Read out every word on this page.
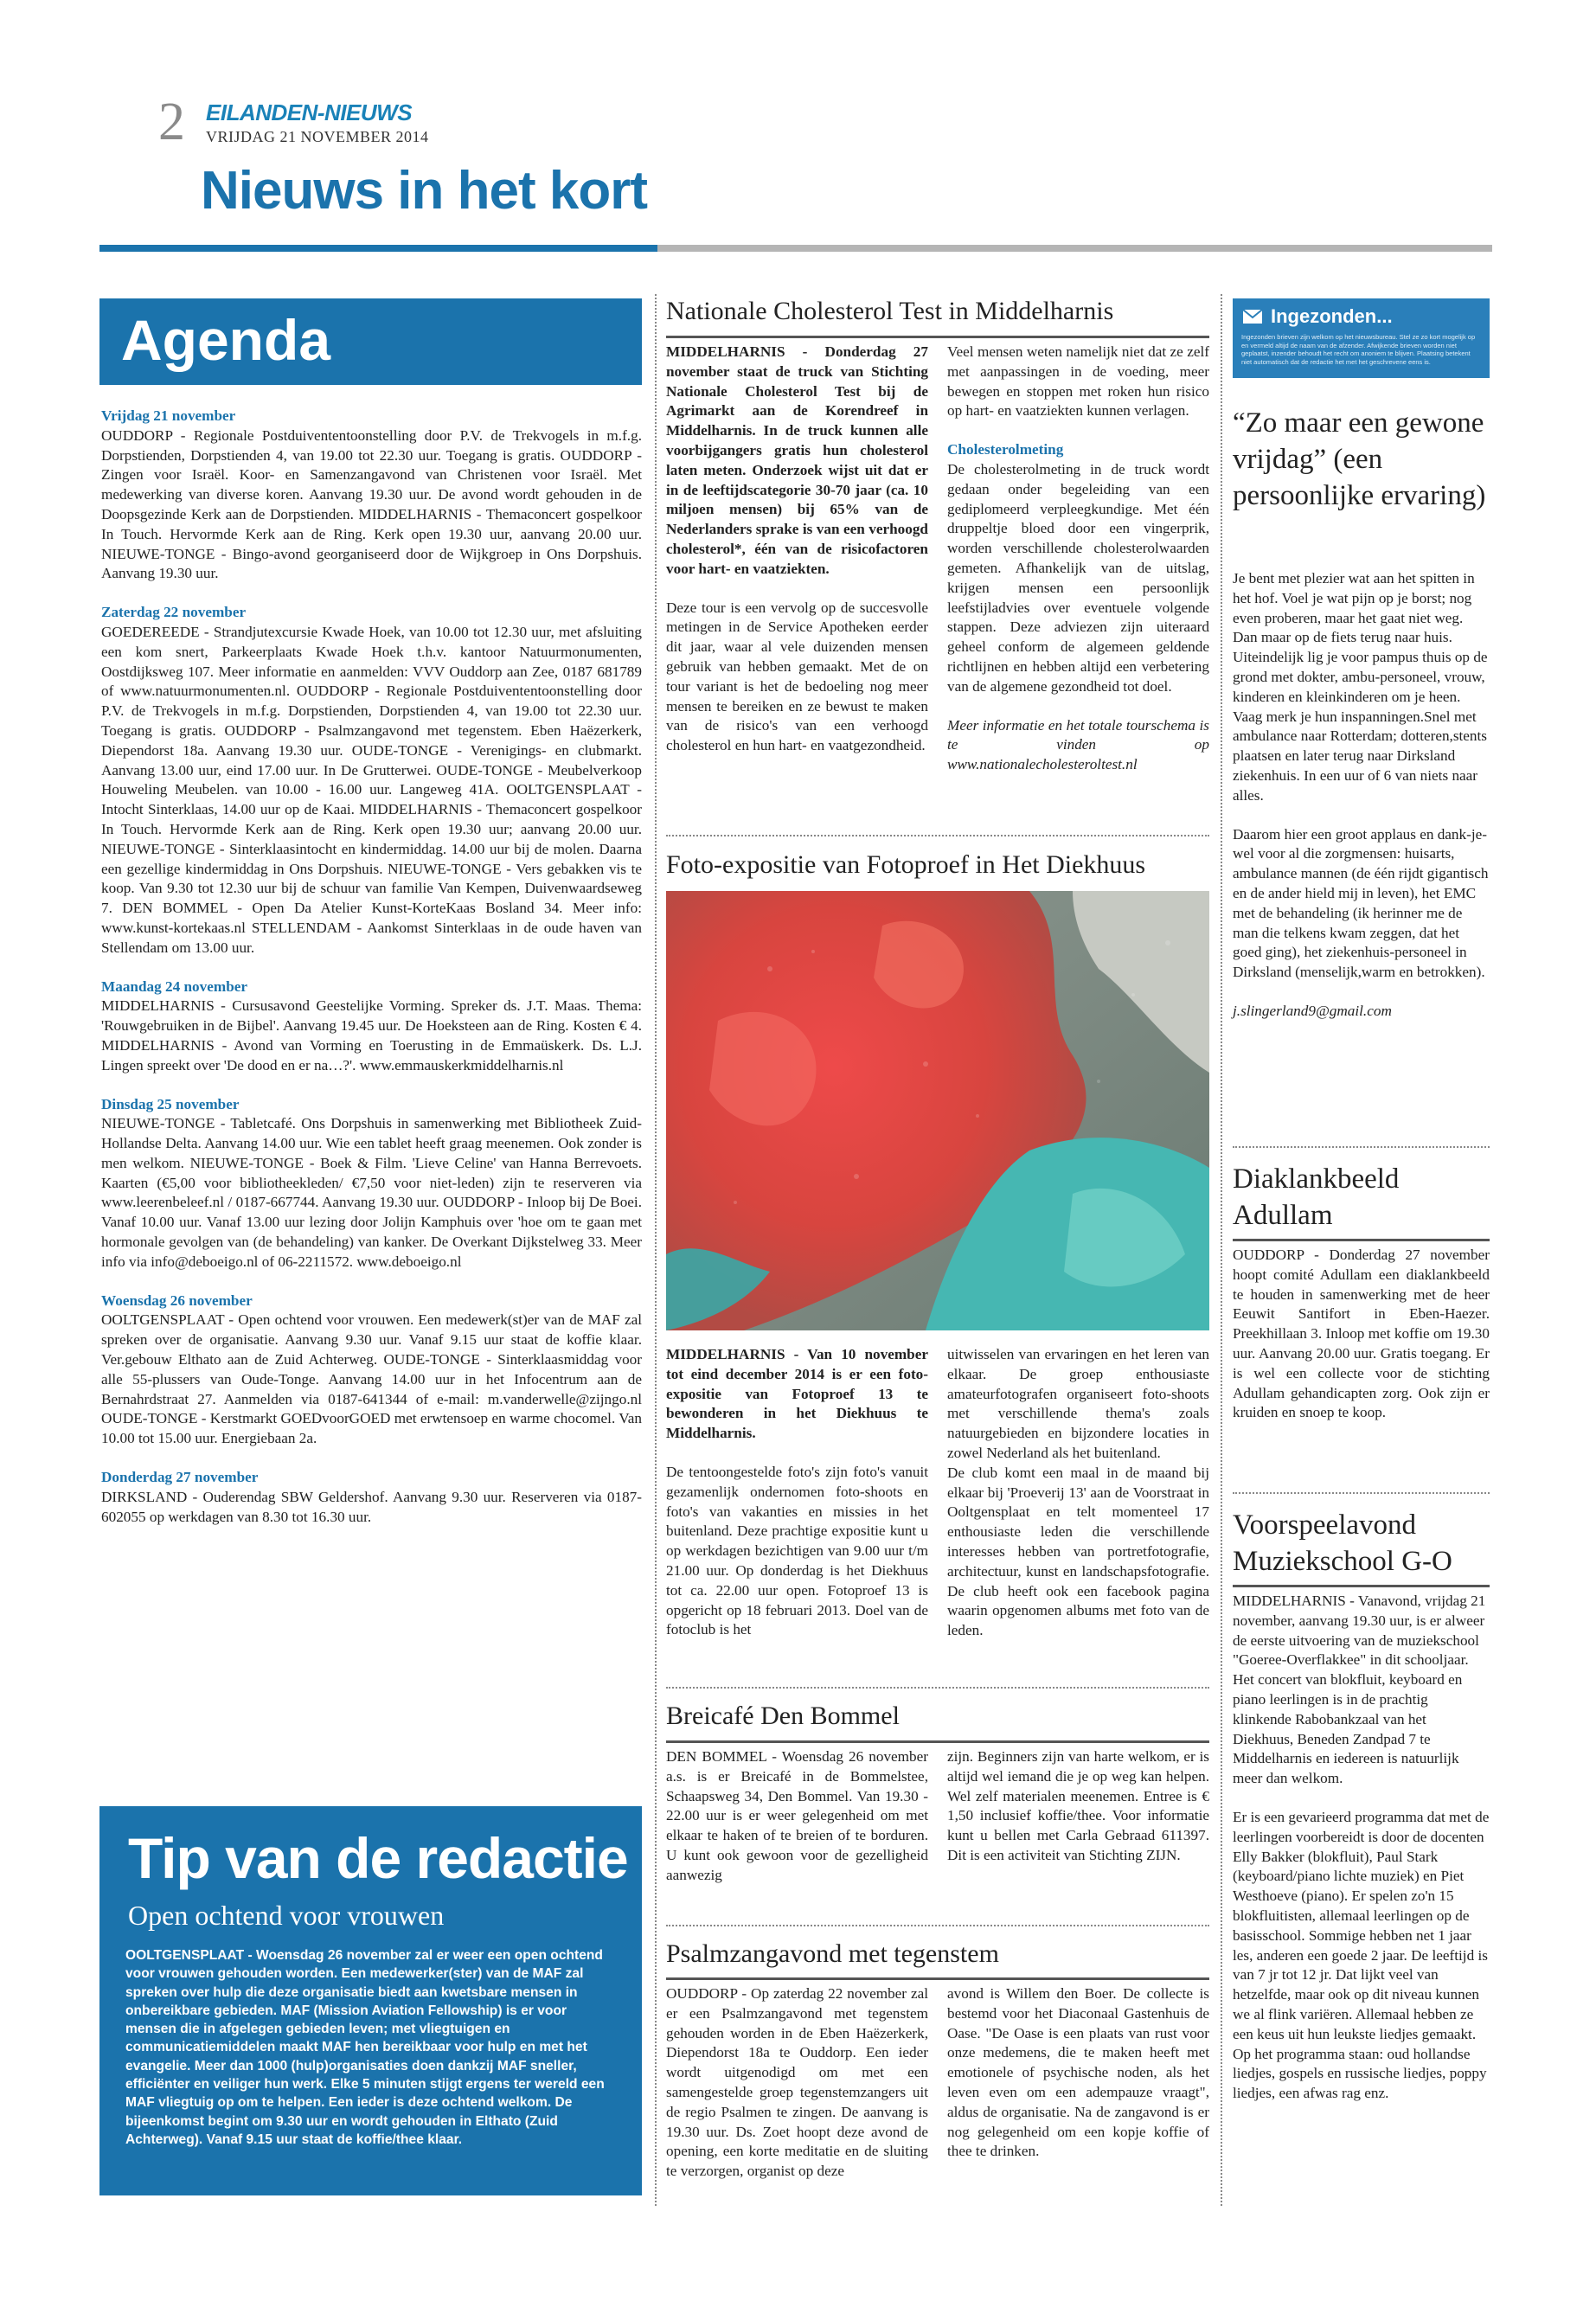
2 EILANDEN-NIEUWS
VRIJDAG 21 NOVEMBER 2014
Nieuws in het kort
Agenda

Vrijdag 21 november

OUDDORP - Regionale Postduivententoonstelling door P.V. de Trekvogels in m.f.g. Dorpstienden, Dorpstienden 4, van 19.00 tot 22.30 uur. Toegang is gratis. OUDDORP - Zingen voor Israël. Koor- en Samenzangavond van Christenen voor Israël. Met medewerking van diverse koren. Aanvang 19.30 uur. De avond wordt gehouden in de Doopsgezinde Kerk aan de Dorpstienden. MIDDELHARNIS - Themaconcert gospelkoor In Touch. Hervormde Kerk aan de Ring. Kerk open 19.30 uur, aanvang 20.00 uur. NIEUWE-TONGE - Bingo-avond georganiseerd door de Wijkgroep in Ons Dorpshuis. Aanvang 19.30 uur.

Zaterdag 22 november

GOEDEREEDE - Strandjutexcursie Kwade Hoek, van 10.00 tot 12.30 uur, met afsluiting een kom snert, Parkeerplaats Kwade Hoek t.h.v. kantoor Natuurmonumenten, Oostdijksweg 107. Meer informatie en aanmelden: VVV Ouddorp aan Zee, 0187 681789 of www.natuurmonumenten.nl. OUDDORP - Regionale Postduivententoonstelling door P.V. de Trekvogels in m.f.g. Dorpstienden, Dorpstienden 4, van 19.00 tot 22.30 uur. Toegang is gratis. OUDDORP - Psalmzangavond met tegenstem. Eben Haëzerkerk, Diependorst 18a. Aanvang 19.30 uur. OUDE-TONGE - Verenigings- en clubmarkt. Aanvang 13.00 uur, eind 17.00 uur. In De Grutterwei. OUDE-TONGE - Meubelverkoop Houweling Meubelen. van 10.00 - 16.00 uur. Langeweg 41A. OOLTGENSPLAAT - Intocht Sinterklaas, 14.00 uur op de Kaai. MIDDELHARNIS - Themaconcert gospelkoor In Touch. Hervormde Kerk aan de Ring. Kerk open 19.30 uur; aanvang 20.00 uur. NIEUWE-TONGE - Sinterklaasintocht en kindermiddag. 14.00 uur bij de molen. Daarna een gezellige kindermiddag in Ons Dorpshuis. NIEUWE-TONGE - Vers gebakken vis te koop. Van 9.30 tot 12.30 uur bij de schuur van familie Van Kempen, Duivenwaardseweg 7. DEN BOMMEL - Open Da Atelier Kunst-KorteKaas Bosland 34. Meer info: www.kunst-kortekaas.nl STELLENDAM - Aankomst Sinterklaas in de oude haven van Stellendam om 13.00 uur.

Maandag 24 november

MIDDELHARNIS - Cursusavond Geestelijke Vorming. Spreker ds. J.T. Maas. Thema: 'Rouwgebruiken in de Bijbel'. Aanvang 19.45 uur. De Hoeksteen aan de Ring. Kosten € 4. MIDDELHARNIS - Avond van Vorming en Toerusting in de Emmaüskerk. Ds. L.J. Lingen spreekt over 'De dood en er na…?'. www.emmauskerkmiddelharnis.nl

Dinsdag 25 november

NIEUWE-TONGE - Tabletcafé. Ons Dorpshuis in samenwerking met Bibliotheek Zuid-Hollandse Delta. Aanvang 14.00 uur. Wie een tablet heeft graag meenemen. Ook zonder is men welkom. NIEUWE-TONGE - Boek & Film. 'Lieve Celine' van Hanna Berrevoets. Kaarten (€5,00 voor bibliotheekleden/ €7,50 voor niet-leden) zijn te reserveren via www.leerenbeleef.nl / 0187-667744. Aanvang 19.30 uur. OUDDORP - Inloop bij De Boei. Vanaf 10.00 uur. Vanaf 13.00 uur lezing door Jolijn Kamphuis over 'hoe om te gaan met hormonale gevolgen van (de behandeling) van kanker. De Overkant Dijkstelweg 33. Meer info via info@deboeigo.nl of 06-2211572. www.deboeigo.nl

Woensdag 26 november

OOLTGENSPLAAT - Open ochtend voor vrouwen. Een medewerk(st)er van de MAF zal spreken over de organisatie. Aanvang 9.30 uur. Vanaf 9.15 uur staat de koffie klaar. Ver.gebouw Elthato aan de Zuid Achterweg. OUDE-TONGE - Sinterklaasmiddag voor alle 55-plussers van Oude-Tonge. Aanvang 14.00 uur in het Infocentrum aan de Bernahrdstraat 27. Aanmelden via 0187-641344 of e-mail: m.vanderwelle@zijngo.nl OUDE-TONGE - Kerstmarkt GOEDvoorGOED met erwtensoep en warme chocomel. Van 10.00 tot 15.00 uur. Energiebaan 2a.

Donderdag 27 november

DIRKSLAND - Ouderendag SBW Geldershof. Aanvang 9.30 uur. Reserveren via 0187-602055 op werkdagen van 8.30 tot 16.30 uur.

Tip van de redactie
Open ochtend voor vrouwen
OOLTGENSPLAAT - Woensdag 26 november zal er weer een open ochtend voor vrouwen gehouden worden. Een medewerker(ster) van de MAF zal spreken over hulp die deze organisatie biedt aan kwetsbare mensen in onbereikbare gebieden. MAF (Mission Aviation Fellowship) is er voor mensen die in afgelegen gebieden leven; met vliegtuigen en communicatiemiddelen maakt MAF hen bereikbaar voor hulp en met het evangelie. Meer dan 1000 (hulp)organisaties doen dankzij MAF sneller, efficiënter en veiliger hun werk. Elke 5 minuten stijgt ergens ter wereld een MAF vliegtuig op om te helpen. Een ieder is deze ochtend welkom. De bijeenkomst begint om 9.30 uur en wordt gehouden in Elthato (Zuid Achterweg). Vanaf 9.15 uur staat de koffie/thee klaar.
Nationale Cholesterol Test in Middelharnis

MIDDELHARNIS - Donderdag 27 november staat de truck van Stichting Nationale Cholesterol Test bij de Agrimarkt aan de Korendreef in Middelharnis. In de truck kunnen alle voorbijgangers gratis hun cholesterol laten meten. Onderzoek wijst uit dat er in de leeftijdscategorie 30-70 jaar (ca. 10 miljoen mensen) bij 65% van de Nederlanders sprake is van een verhoogd cholesterol*, één van de risicofactoren voor hart- en vaatziekten.

Deze tour is een vervolg op de succesvolle metingen in de Service Apotheken eerder dit jaar, waar al vele duizenden mensen gebruik van hebben gemaakt. Met de on tour variant is het de bedoeling nog meer mensen te bereiken en ze bewust te maken van de risico's van een verhoogd cholesterol en hun hart- en vaatgezondheid.

Veel mensen weten namelijk niet dat ze zelf met aanpassingen in de voeding, meer bewegen en stoppen met roken hun risico op hart- en vaatziekten kunnen verlagen.

Cholesterolmeting

De cholesterolmeting in de truck wordt gedaan onder begeleiding van een gediplomeerd verpleegkundige. Met één druppeltje bloed door een vingerprik, worden verschillende cholesterolwaarden gemeten. Afhankelijk van de uitslag, krijgen mensen een persoonlijk leefstijladvies over eventuele volgende stappen. Deze adviezen zijn uiteraard geheel conform de algemeen geldende richtlijnen en hebben altijd een verbetering van de algemene gezondheid tot doel.

Meer informatie en het totale tourschema is te vinden op www.nationalecholesteroltest.nl

Foto-expositie van Fotoproef in Het Diekhuus

MIDDELHARNIS - Van 10 november tot eind december 2014 is er een foto-expositie van Fotoproef 13 te bewonderen in het Diekhuus te Middelharnis.

De tentoongestelde foto's zijn foto's vanuit gezamenlijk ondernomen foto-shoots en foto's van vakanties en missies in het buitenland. Deze prachtige expositie kunt u op werkdagen bezichtigen van 9.00 uur t/m 21.00 uur. Op donderdag is het Diekhuus tot ca. 22.00 uur open. Fotoproef 13 is opgericht op 18 februari 2013. Doel van de fotoclub is het

uitwisselen van ervaringen en het leren van elkaar. De groep enthousiaste amateurfotografen organiseert foto-shoots met verschillende thema's zoals natuurgebieden en bijzondere locaties in zowel Nederland als het buitenland.

De club komt een maal in de maand bij elkaar bij 'Proeverij 13' aan de Voorstraat in Ooltgensplaat en telt momenteel 17 enthousiaste leden die verschillende interesses hebben van portretfotografie, architectuur, kunst en landschapsfotografie. De club heeft ook een facebook pagina waarin opgenomen albums met foto van de leden.

Breicafé Den Bommel

DEN BOMMEL - Woensdag 26 november a.s. is er Breicafé in de Bommelstee, Schaapsweg 34, Den Bommel. Van 19.30 - 22.00 uur is er weer gelegenheid om met elkaar te haken of te breien of te borduren. U kunt ook gewoon voor de gezelligheid aanwezig

zijn. Beginners zijn van harte welkom, er is altijd wel iemand die je op weg kan helpen. Wel zelf materialen meenemen. Entree is € 1,50 inclusief koffie/thee. Voor informatie kunt u bellen met Carla Gebraad 611397. Dit is een activiteit van Stichting ZIJN.

Psalmzangavond met tegenstem

OUDDORP - Op zaterdag 22 november zal er een Psalmzangavond met tegenstem gehouden worden in de Eben Haëzerkerk, Diependorst 18a te Ouddorp. Een ieder wordt uitgenodigd om met een samengestelde groep tegenstemzangers uit de regio Psalmen te zingen. De aanvang is 19.30 uur. Ds. Zoet hoopt deze avond de opening, een korte meditatie en de sluiting te verzorgen, organist op deze

avond is Willem den Boer. De collecte is bestemd voor het Diaconaal Gastenhuis de Oase. "De Oase is een plaats van rust voor onze medemens, die te maken heeft met emotionele of psychische noden, als het leven even om een adempauze vraagt", aldus de organisatie. Na de zangavond is er nog gelegenheid om een kopje koffie of thee te drinken.

Ingezonden...
Ingezonden brieven zijn welkom op het nieuwsbureau. Stel ze zo kort mogelijk op en vermeld altijd de naam van de afzender. Afwijkende brieven worden niet geplaatst, inzender behoudt het recht om anoniem te blijven. Plaatsing betekent niet automatisch dat de redactie het met het geschrevene eens is.
“Zo maar een gewone vrijdag” (een persoonlijke ervaring)

Je bent met plezier wat aan het spitten in het hof. Voel je wat pijn op je borst; nog even proberen, maar het gaat niet weg. Dan maar op de fiets terug naar huis.

Uiteindelijk lig je voor pampus thuis op de grond met dokter, ambu-personeel, vrouw, kinderen en kleinkinderen om je heen. Vaag merk je hun inspanningen.Snel met ambulance naar Rotterdam; dotteren,stents plaatsen en later terug naar Dirksland ziekenhuis. In een uur of 6 van niets naar alles.

Daarom hier een groot applaus en dank-je-wel voor al die zorgmensen: huisarts, ambulance mannen (de één rijdt gigantisch en de ander hield mij in leven), het EMC met de behandeling (ik herinner me de man die telkens kwam zeggen, dat het goed ging), het ziekenhuis-personeel in Dirksland (menselijk,warm en betrokken).

j.slingerland9@gmail.com

Diaklankbeeld Adullam

OUDDORP - Donderdag 27 november hoopt comité Adullam een diaklankbeeld te houden in samenwerking met de heer Eeuwit Santifort in Eben-Haezer. Preekhillaan 3. Inloop met koffie om 19.30 uur. Aanvang 20.00 uur. Gratis toegang. Er is wel een collecte voor de stichting Adullam gehandicapten zorg. Ook zijn er kruiden en snoep te koop.

Voorspeelavond Muziekschool G-O

MIDDELHARNIS - Vanavond, vrijdag 21 november, aanvang 19.30 uur, is er alweer de eerste uitvoering van de muziekschool "Goeree-Overflakkee" in dit schooljaar. Het concert van blokfluit, keyboard en piano leerlingen is in de prachtig klinkende Rabobankzaal van het Diekhuus, Beneden Zandpad 7 te Middelharnis en iedereen is natuurlijk meer dan welkom.

Er is een gevarieerd programma dat met de leerlingen voorbereidt is door de docenten Elly Bakker (blokfluit), Paul Stark (keyboard/piano lichte muziek) en Piet Westhoeve (piano). Er spelen zo'n 15 blokfluitisten, allemaal leerlingen op de basisschool. Sommige hebben net 1 jaar les, anderen een goede 2 jaar. De leeftijd is van 7 jr tot 12 jr. Dat lijkt veel van hetzelfde, maar ook op dit niveau kunnen we al flink variëren. Allemaal hebben ze een keus uit hun leukste liedjes gemaakt. Op het programma staan: oud hollandse liedjes, gospels en russische liedjes, poppy liedjes, een afwas rag enz.
